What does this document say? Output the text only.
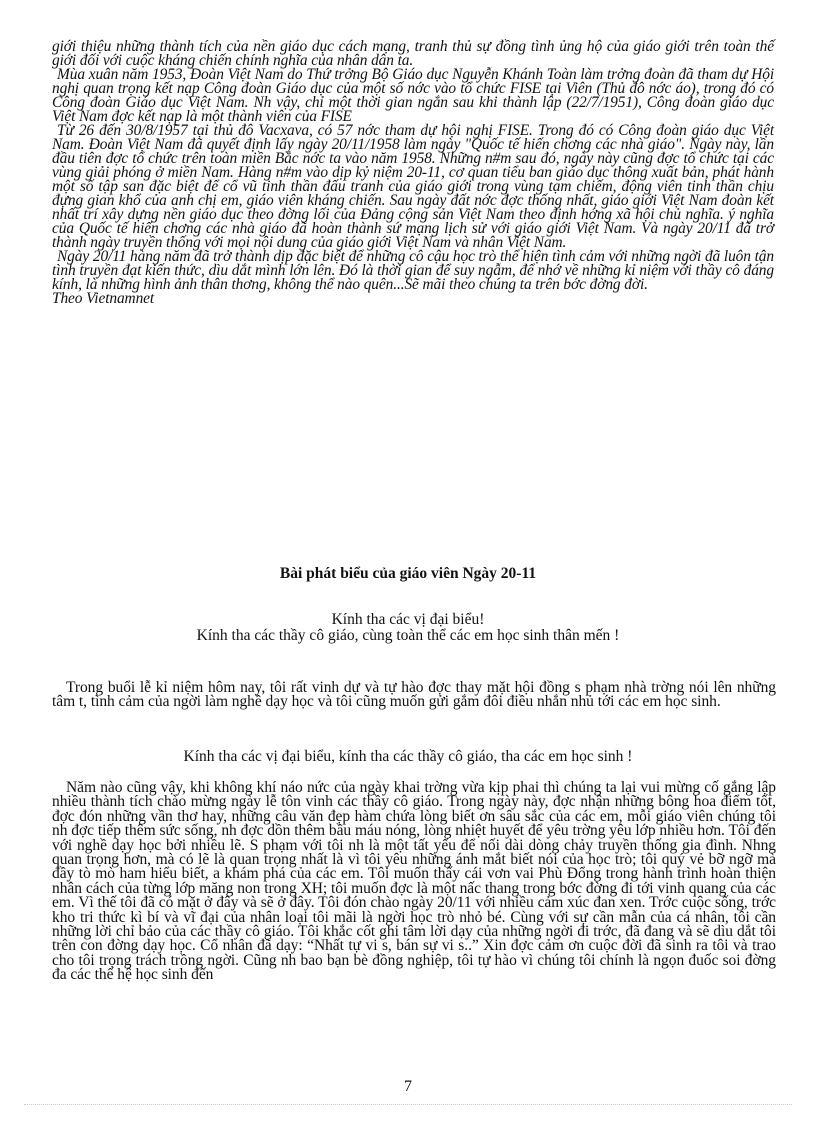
giới thiệu những thành tích của nền giáo dục cách mạng, tranh thủ sự đồng tình ủng hộ của giáo giới trên toàn thế giới đối với cuộc kháng chiến chính nghĩa của nhân dân ta.

Mùa xuân năm 1953, Đoàn Việt Nam do Thứ trởng Bộ Giáo dục Nguyễn Khánh Toàn làm trởng đoàn đã tham dự Hội nghị quan trọng kết nạp Công đoàn Giáo dục của một số nớc vào tổ chức FISE tại Viên (Thủ đô nớc áo), trong đó có Công đoàn Giáo dục Việt Nam. Nh vậy, chỉ một thời gian ngắn sau khi thành lập (22/7/1951), Công đoàn giáo dục Việt Nam đợc kết nạp là một thành viên của FISE

Từ 26 đến 30/8/1957 tại thủ đô Vacxava, có 57 nớc tham dự hội nghị FISE. Trong đó có Công đoàn giáo dục Việt Nam. Đoàn Việt Nam đã quyết định lấy ngày 20/11/1958 làm ngày "Quốc tế hiến chơng các nhà giáo". Ngày này, lần đầu tiên đợc tổ chức trên toàn miền Bắc nớc ta vào năm 1958. Những n#m sau đó, ngày này cũng đợc tổ chức tại các vùng giải phóng ở miền Nam. Hàng n#m vào dịp kỷ niệm 20-11, cơ quan tiểu ban giáo dục thông xuất bản, phát hành một số tập san đặc biệt để cổ vũ tinh thần đấu tranh của giáo giới trong vùng tạm chiếm, động viên tinh thần chịu đựng gian khổ của anh chị em, giáo viên kháng chiến. Sau ngày đất nớc đợc thống nhất, giáo giới Việt Nam đoàn kết nhất trí xây dựng nền giáo dục theo đờng lối của Đảng cộng sản Việt Nam theo định hớng xã hội chủ nghĩa. ý nghĩa của Quốc tế hiến chơng các nhà giáo đã hoàn thành sứ mạng lịch sử với giáo giới Việt Nam. Và ngày 20/11 đã trở thành ngày truyền thống với mọi nội dung của giáo giới Việt Nam và nhân Việt Nam.

Ngày 20/11 hàng năm đã trở thành dịp đặc biệt để những cô cậu học trò thể hiện tình cảm với những ngời đã luôn tận tình truyền đạt kiến thức, dìu dắt mình lớn lên. Đó là thời gian để suy ngẫm, để nhớ về những kỉ niệm với thầy cô đáng kính, là những hình ảnh thân thơng, không thể nào quên...Sẽ mãi theo chúng ta trên bớc đờng đời.

Theo Vietnamnet

Bài phát biểu của giáo viên Ngày 20-11
Kính tha các vị đại biểu!
Kính tha các thầy cô giáo, cùng toàn thể các em học sinh thân mến !

Trong buổi lễ kỉ niệm hôm nay, tôi rất vinh dự và tự hào đợc thay mặt hội đồng s phạm nhà trờng nói lên những tâm t, tình cảm của ngời làm nghề dạy học và tôi cũng muốn gửi gắm đôi điều nhắn nhủ tới các em học sinh.

Kính tha các vị đại biểu, kính tha các thầy cô giáo, tha các em học sinh !

Năm nào cũng vậy, khi không khí náo nức của ngày khai trờng vừa kịp phai thì chúng ta lại vui mừng cố gắng lập nhiều thành tích chào mừng ngày lễ tôn vinh các thầy cô giáo. Trong ngày này, đợc nhận những bông hoa điểm tốt, đợc đón những vần thơ hay, những câu văn đẹp hàm chứa lòng biết ơn sâu sắc của các em, mỗi giáo viên chúng tôi nh đợc tiếp thêm sức sống, nh đợc dồn thêm bầu máu nóng, lòng nhiệt huyết để yêu trờng yêu lớp nhiều hơn. Tôi đến với nghề dạy học bởi nhiều lẽ. S phạm với tôi nh là một tất yếu để nối dài dòng chảy truyền thống gia đình. Nhng quan trọng hơn, mà có lẽ là quan trọng nhất là vì tôi yêu những ánh mắt biết nói của học trò; tôi quý vẻ bỡ ngỡ mà đầy tò mò ham hiểu biết, a khám phá của các em. Tôi muốn thấy cái vơn vai Phù Đổng trong hành trình hoàn thiện nhân cách của từng lớp măng non trong XH; tôi muốn đợc là một nấc thang trong bớc đờng đi tới vinh quang của các em. Vì thế tôi đã có mặt ở đây và sẽ ở đây. Tôi đón chào ngày 20/11 với nhiều cảm xúc đan xen. Trớc cuộc sống, trớc kho tri thức kì bí và vĩ đại của nhân loại tôi mãi là ngời học trò nhỏ bé. Cùng với sự cần mẫn của cá nhân, tôi cần những lời chỉ bảo của các thầy cô giáo. Tôi khắc cốt ghi tâm lời dạy của những ngời đi trớc, đã đang và sẽ dìu dắt tôi trên con đờng dạy học. Cổ nhân đã dạy: “Nhất tự vi s, bán sự vi s..” Xin đợc cảm ơn cuộc đời đã sinh ra tôi và trao cho tôi trọng trách trồng ngời. Cũng nh bao bạn bè đồng nghiệp, tôi tự hào vì chúng tôi chính là ngọn đuốc soi đờng đa các thế hệ học sinh đến

7
